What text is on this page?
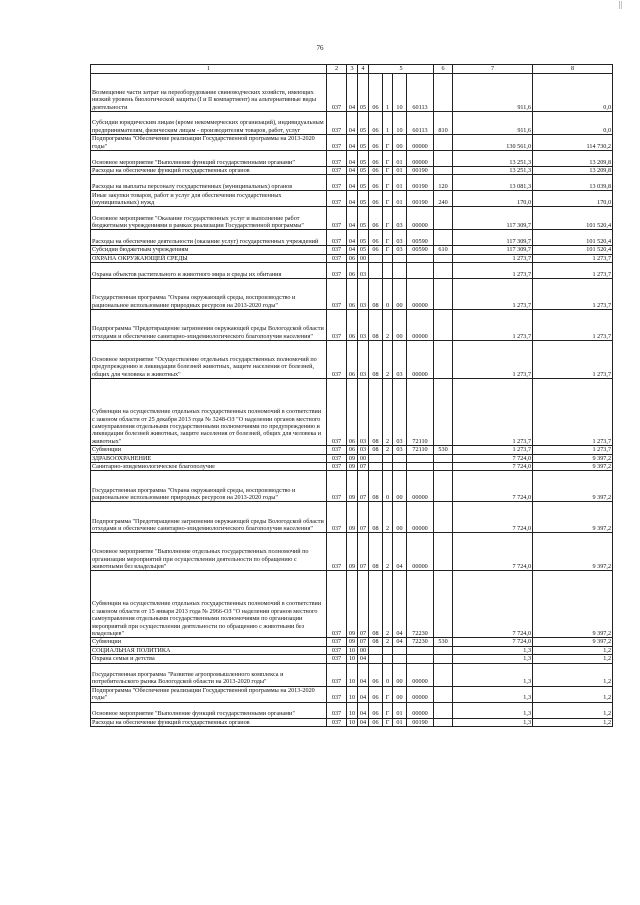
||
76
1	2	3	4	5				6	7	8
Возмещение части затрат на переоборудование свиноводческих хозяйств, имеющих низкий уровень биологической защиты (I и II компартмент) на альтернативные виды деятельности	037	04	05	06	1	10	60113		911,6	0,0
Субсидии юридическим лицам (кроме некоммерческих организаций), индивидуальным предпринимателям, физическим лицам - производителям товаров, работ, услуг	037	04	05	06	1	10	60113	810	911,6	0,0
Подпрограмма "Обеспечение реализации Государственной программы на 2013-2020 годы"	037	04	05	06	Г	00	00000		130 561,0	114 730,2
Основное мероприятие "Выполнение функций государственными органами"	037	04	05	06	Г	01	00000		13 251,3	13 209,8
Расходы на обеспечение функций государственных органов	037	04	05	06	Г	01	00190		13 251,3	13 209,8
Расходы на выплаты персоналу государственных (муниципальных) органов	037	04	05	06	Г	01	00190	120	13 081,3	13 039,8
Иные закупки товаров, работ и услуг для обеспечения государственных (муниципальных) нужд	037	04	05	06	Г	01	00190	240	170,0	170,0
Основное мероприятие "Оказание государственных услуг и выполнение работ бюджетными учреждениями в рамках реализации Государственной программы"	037	04	05	06	Г	03	00000		117 309,7	101 520,4
Расходы на обеспечение деятельности (оказание услуг) государственных учреждений	037	04	05	06	Г	03	00590		117 309,7	101 520,4
Субсидии бюджетным учреждениям	037	04	05	06	Г	03	00590	610	117 309,7	101 520,4
ОХРАНА ОКРУЖАЮЩЕЙ СРЕДЫ	037	06	00						1 273,7	1 273,7
Охрана объектов растительного и животного мира и среды их обитания	037	06	03						1 273,7	1 273,7
Государственная программа "Охрана окружающей среды, воспроизводство и рациональное использование природных ресурсов на 2013-2020 годы"	037	06	03	08	0	00	00000		1 273,7	1 273,7
Подпрограмма "Предотвращение загрязнения окружающей среды Вологодской области отходами и обеспечение санитарно-эпидемиологического благополучия населения"	037	06	03	08	2	00	00000		1 273,7	1 273,7
Основное мероприятие "Осуществление отдельных государственных полномочий по предупреждению и ликвидации болезней животных, защите населения от болезней, общих для человека и животных"	037	06	03	08	2	03	00000		1 273,7	1 273,7
Субвенции на осуществление отдельных государственных полномочий в соответствии с законом области от 25 декабря 2013 года № 3248-ОЗ "О наделении органов местного самоуправления отдельными государственными полномочиями по предупреждению и ликвидации болезней животных, защите населения от болезней, общих для человека и животных"	037	06	03	08	2	03	72110		1 273,7	1 273,7
Субвенции	037	06	03	08	2	03	72110	530	1 273,7	1 273,7
ЗДРАВООХРАНЕНИЕ	037	09	00						7 724,0	9 397,2
Санитарно-эпидемиологическое благополучие	037	09	07						7 724,0	9 397,2
Государственная программа "Охрана окружающей среды, воспроизводство и рациональное использование природных ресурсов на 2013-2020 годы"	037	09	07	08	0	00	00000		7 724,0	9 397,2
Подпрограмма "Предотвращение загрязнения окружающей среды Вологодской области отходами и обеспечение санитарно-эпидемиологического благополучия населения"	037	09	07	08	2	00	00000		7 724,0	9 397,2
Основное мероприятие "Выполнение отдельных государственных полномочий по организации мероприятий при осуществлении деятельности по обращению с животными без владельцев"	037	09	07	08	2	04	00000		7 724,0	9 397,2
Субвенции на осуществление отдельных государственных полномочий в соответствии с законом области от 15 января 2013 года № 2966-ОЗ "О наделении органов местного самоуправления отдельными государственными полномочиями по организации мероприятий при осуществлении деятельности по обращению с животными без владельцев"	037	09	07	08	2	04	72230		7 724,0	9 397,2
Субвенции	037	09	07	08	2	04	72230	530	7 724,0	9 397,2
СОЦИАЛЬНАЯ ПОЛИТИКА	037	10	00						1,3	1,2
Охрана семьи и детства	037	10	04						1,3	1,2
Государственная программа "Развитие агропромышленного комплекса и потребительского рынка Вологодской области на 2013-2020 годы"	037	10	04	06	0	00	00000		1,3	1,2
Подпрограмма "Обеспечение реализации Государственной программы на 2013-2020 годы"	037	10	04	06	Г	00	00000		1,3	1,2
Основное мероприятие "Выполнение функций государственными органами"	037	10	04	06	Г	01	00000		1,3	1,2
Расходы на обеспечение функций государственных органов	037	10	04	06	Г	01	00190		1,3	1,2
